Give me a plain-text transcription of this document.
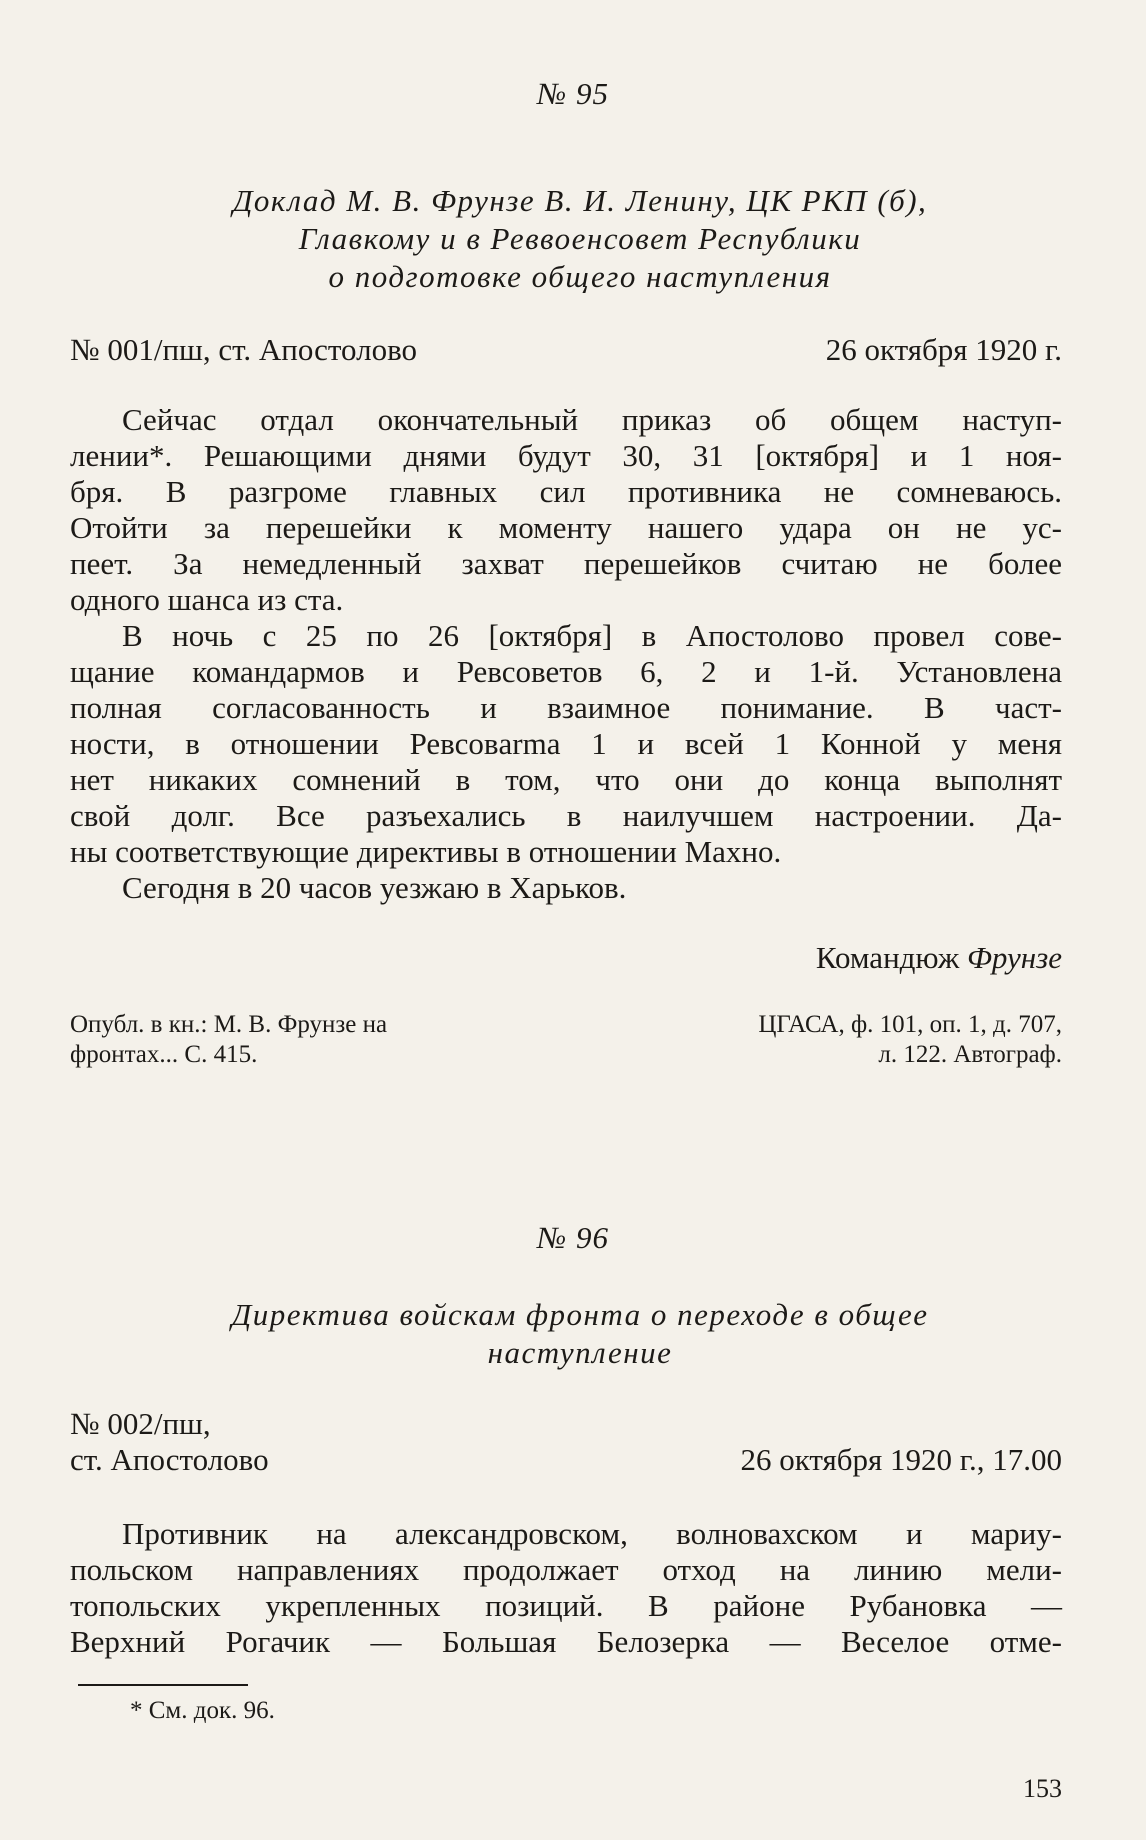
№ 95
Доклад М. В. Фрунзе В. И. Ленину, ЦК РКП (б),
Главкому и в Реввоенсовет Республики
о подготовке общего наступления
№ 001/пш, ст. Апостолово	26 октября 1920 г.
Сейчас отдал окончательный приказ об общем наступ-
лении*. Решающими днями будут 30, 31 [октября] и 1 ноя-
бря. В разгроме главных сил противника не сомневаюсь.
Отойти за перешейки к моменту нашего удара он не ус-
пеет. За немедленный захват перешейков считаю не более
одного шанса из ста.
В ночь с 25 по 26 [октября] в Апостолово провел сове-
щание командармов и Ревсоветов 6, 2 и 1-й. Установлена
полная согласованность и взаимное понимание. В част-
ности, в отношении Ревсовarma 1 и всей 1 Конной у меня
нет никаких сомнений в том, что они до конца выполнят
свой долг. Все разъехались в наилучшем настроении. Да-
ны соответствующие директивы в отношении Махно.
Сегодня в 20 часов уезжаю в Харьков.
Командюж Фрунзе
Опубл. в кн.: М. В. Фрунзе на
фронтах... С. 415.
ЦГАСА, ф. 101, оп. 1, д. 707,
л. 122. Автограф.
№ 96
Директива войскам фронта о переходе в общее
наступление
№ 002/пш,
ст. Апостолово	26 октября 1920 г., 17.00
Противник на александровском, волновахском и мариу-
польском направлениях продолжает отход на линию мели-
топольских укрепленных позиций. В районе Рубановка —
Верхний Рогачик — Большая Белозерка — Веселое отме-
* См. док. 96.
153
